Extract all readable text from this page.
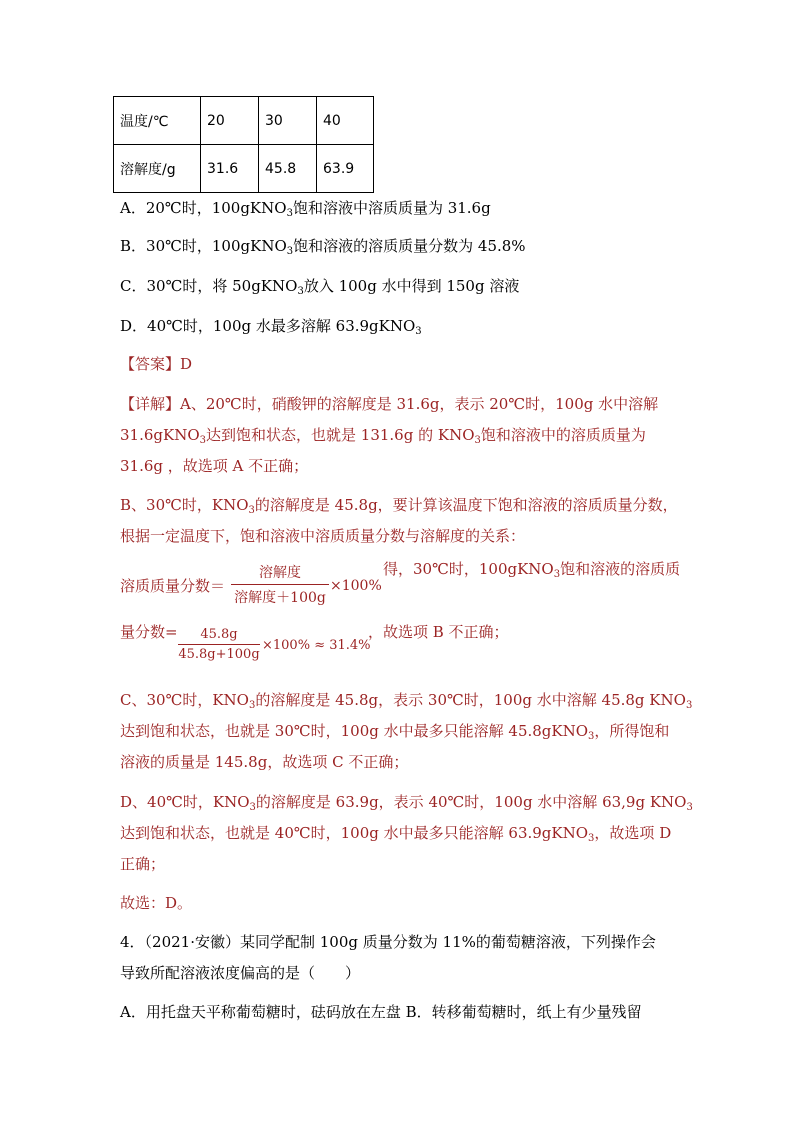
温度/℃	20	30	40
溶解度/g	31.6	45.8	63.9
A．20℃时，100gKNO$_3$饱和溶液中溶质质量为 31.6g
B．30℃时，100gKNO$_3$饱和溶液的溶质质量分数为 45.8%
C．30℃时，将 50gKNO$_3$放入 100g 水中得到 150g 溶液
D．40℃时，100g 水最多溶解 63.9gKNO$_3$
【答案】D
【详解】A、20℃时，硝酸钾的溶解度是 31.6g，表示 20℃时，100g 水中溶解
31.6gKNO$_3$达到饱和状态，也就是 131.6g 的 $KNO_3$饱和溶液中的溶质质量为
31.6g ，故选项 A 不正确；
B、30℃时，$KNO_3$的溶解度是 45.8g，要计算该温度下饱和溶液的溶质质量分数，
根据一定温度下，饱和溶液中溶质质量分数与溶解度的关系：
溶质质量分数＝
溶解度
溶解度＋100g
×100%
得，30℃时，100gKNO$_3$饱和溶液的溶质质
量分数=	45.8g
45.8g+100g
×100% ≈ 31.4%
，故选项 B 不正确；
C、30℃时，$KNO_3$的溶解度是 45.8g，表示 30℃时，100g 水中溶解 45.8g $KNO_3$
达到饱和状态，也就是 30℃时，100g 水中最多只能溶解 45.8gKNO$_3$，所得饱和
溶液的质量是 145.8g，故选项 C 不正确；
D、40℃时，$KNO_3$的溶解度是 63.9g，表示 40℃时，100g 水中溶解 63,9g $KNO_3$
达到饱和状态，也就是 40℃时，100g 水中最多只能溶解 63.9gKNO$_3$，故选项 D
正确；
故选：D。
4．（2021·安徽）某同学配制 100g 质量分数为 11%的葡萄糖溶液，下列操作会
导致所配溶液浓度偏高的是（　　）
A．用托盘天平称葡萄糖时，砝码放在左盘 B．转移葡萄糖时，纸上有少量残留
